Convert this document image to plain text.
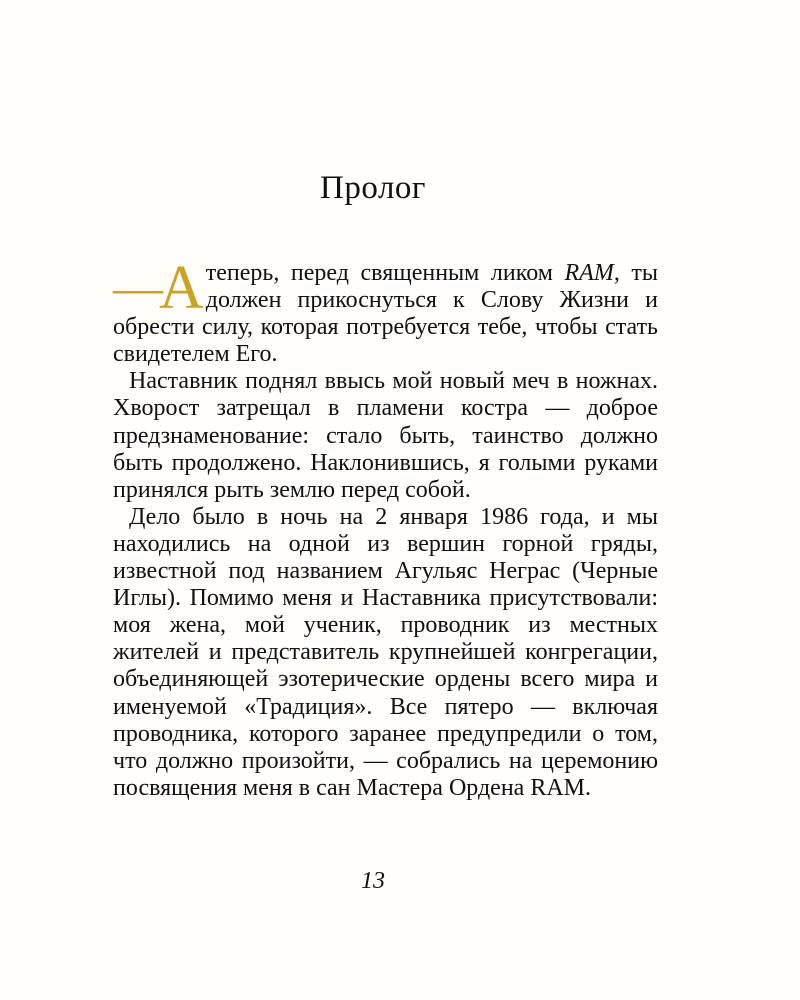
Пролог

—
А теперь, перед священным ликом RAM, ты должен прикоснуться к Слову Жизни и обрести силу, которая потребуется тебе, чтобы стать свидетелем Его.

Наставник поднял ввысь мой новый меч в ножнах. Хворост затрещал в пламени костра — доброе предзнаменование: стало быть, таинство должно быть продолжено. Наклонившись, я голыми руками принялся рыть землю перед собой.

Дело было в ночь на 2 января 1986 года, и мы находились на одной из вершин горной гряды, известной под названием Агульяс Неграс (Черные Иглы). Помимо меня и Наставника присутствовали: моя жена, мой ученик, проводник из местных жителей и представитель крупнейшей конгрегации, объединяющей эзотерические ордены всего мира и именуемой «Традиция». Все пятеро — включая проводника, которого заранее предупредили о том, что должно произойти, — собрались на церемонию посвящения меня в сан Мастера Ордена RAM.

13
